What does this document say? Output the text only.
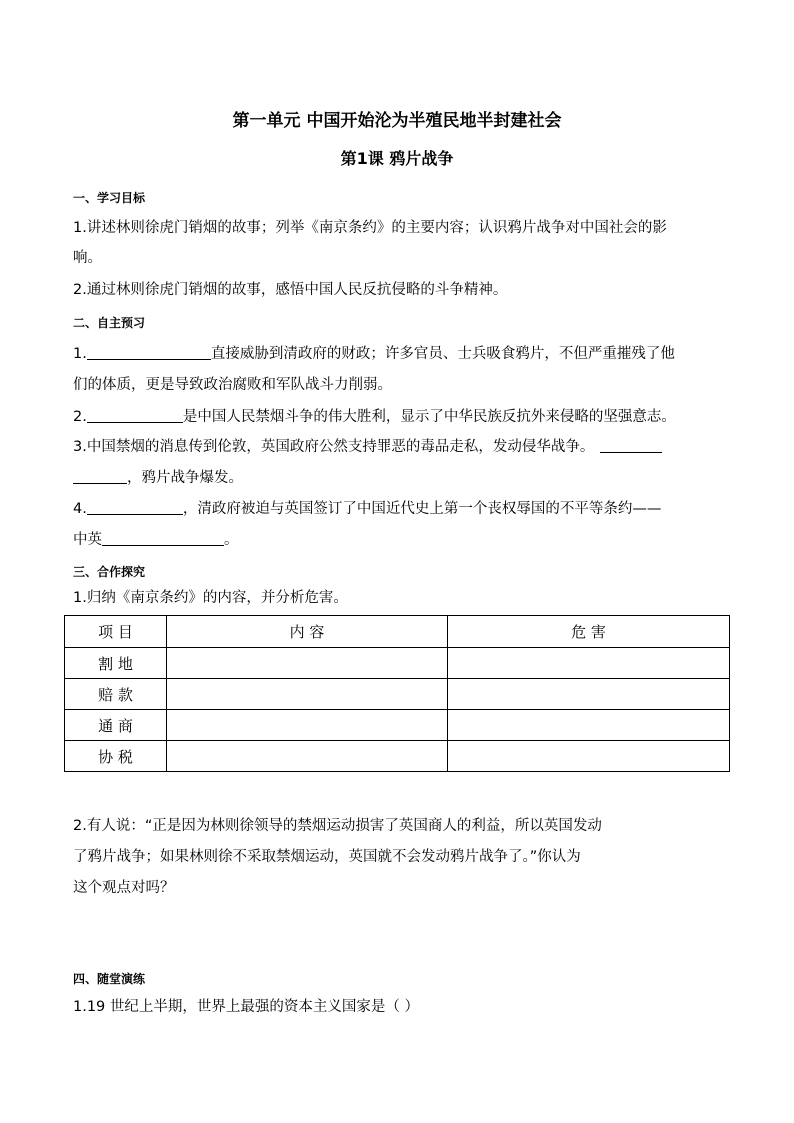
第一单元 中国开始沦为半殖民地半封建社会
第1课 鸦片战争
一、学习目标
1.讲述林则徐虎门销烟的故事；列举《南京条约》的主要内容；认识鸦片战争对中国社会的影
响。
2.通过林则徐虎门销烟的故事，感悟中国人民反抗侵略的斗争精神。
二、自主预习
1.	直接威胁到清政府的财政；许多官员、士兵吸食鸦片，不但严重摧残了他
们的体质，更是导致政治腐败和军队战斗力削弱。
2.	是中国人民禁烟斗争的伟大胜利，显示了中华民族反抗外来侵略的坚强意志。
3.中国禁烟的消息传到伦敦，英国政府公然支持罪恶的毒品走私，发动侵华战争。
，鸦片战争爆发。
4.	，清政府被迫与英国签订了中国近代史上第一个丧权辱国的不平等条约——
中英	。
三、合作探究
1.归纳《南京条约》的内容，并分析危害。
项 目	内 容	危 害
割 地		
赔 款		
通 商		
协 税		
2.有人说：“正是因为林则徐领导的禁烟运动损害了英国商人的利益，所以英国发动
了鸦片战争；如果林则徐不采取禁烟运动，英国就不会发动鸦片战争了。”你认为
这个观点对吗？
四、随堂演练
1.19 世纪上半期，世界上最强的资本主义国家是（ ）
